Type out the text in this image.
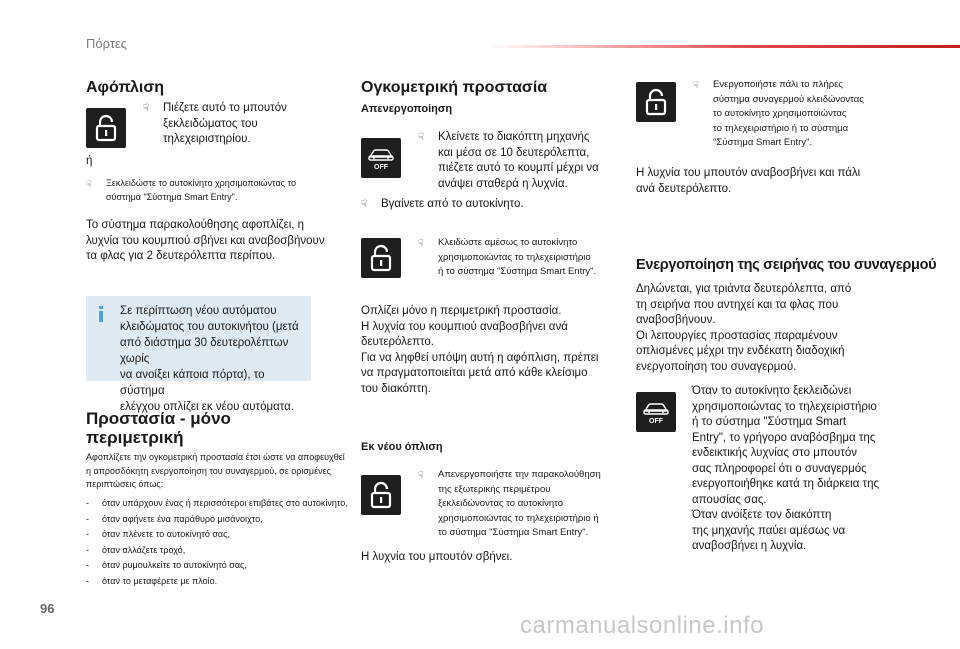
Πόρτες
Αφόπλιση
☟	Πιέζετε αυτό το μπουτόν
ξεκλειδώματος του
τηλεχειριστηρίου.
ή
☟	Ξεκλειδώστε το αυτοκίνητο χρησιμοποιώντας το
σύστημα "Σύστημα Smart Entry".
Το σύστημα παρακολούθησης αφοπλίζει, η
λυχνία του κουμπιού σβήνει και αναβοσβήνουν
τα φλας για 2 δευτερόλεπτα περίπου.
Σε περίπτωση νέου αυτόματου
κλειδώματος του αυτοκινήτου (μετά
από διάστημα 30 δευτερολέπτων χωρίς
να ανοίξει κάποια πόρτα), το σύστημα
ελέγχου οπλίζει εκ νέου αυτόματα.
Προστασία - μόνο
περιμετρική
Αφοπλίζετε την ογκομετρική προστασία έτσι ώστε να αποφευχθεί
η απροσδόκητη ενεργοποίηση του συναγερμού, σε ορισμένες
περιπτώσεις όπως:
-	όταν υπάρχουν ένας ή περισσότεροι επιβάτες στο αυτοκίνητο,
-	όταν αφήνετε ένα παράθυρο μισάνοιχτο,
-	όταν πλένετε το αυτοκίνητό σας,
-	όταν αλλάζετε τροχό,
-	όταν ρυμουλκείτε το αυτοκίνητό σας,
-	όταν το μεταφέρετε με πλοίο.
Ογκομετρική προστασία
Απενεργοποίηση
OFF
☟	Κλείνετε το διακόπτη μηχανής
και μέσα σε 10 δευτερόλεπτα,
πιέζετε αυτό το κουμπί μέχρι να
ανάψει σταθερά η λυχνία.
☟	Βγαίνετε από το αυτοκίνητο.
☟	Κλειδώστε αμέσως το αυτοκίνητο
χρησιμοποιώντας το τηλεχειριστήριο
ή το σύστημα "Σύστημα Smart Entry".
Οπλίζει μόνο η περιμετρική προστασία.
Η λυχνία του κουμπιού αναβοσβήνει ανά
δευτερόλεπτο.
Για να ληφθεί υπόψη αυτή η αφόπλιση, πρέπει
να πραγματοποιείται μετά από κάθε κλείσιμο
του διακόπτη.
Εκ νέου όπλιση
☟	Απενεργοποιήστε την παρακολούθηση
της εξωτερικής περιμέτρου
ξεκλειδώνοντας το αυτοκίνητο
χρησιμοποιώντας το τηλεχειριστήριο ή
το σύστημα "Σύστημα Smart Entry".
Η λυχνία του μπουτόν σβήνει.
☟	Ενεργοποιήστε πάλι το πλήρες
σύστημα συναγερμού κλειδώνοντας
το αυτοκίνητο χρησιμοποιώντας
το τηλεχειριστήριο ή το σύστημα
"Σύστημα Smart Entry".
Η λυχνία του μπουτόν αναβοσβήνει και πάλι
ανά δευτερόλεπτο.
Ενεργοποίηση της σειρήνας του συναγερμού
Δηλώνεται, για τριάντα δευτερόλεπτα, από
τη σειρήνα που αντηχεί και τα φλας που
αναβοσβήνουν.
Οι λειτουργίες προστασίας παραμένουν
οπλισμένες μέχρι την ενδέκατη διαδοχική
ενεργοποίηση του συναγερμού.
OFF
Όταν το αυτοκίνητο ξεκλειδώνει
χρησιμοποιώντας το τηλεχειριστήριο
ή το σύστημα "Σύστημα Smart
Entry", το γρήγορο αναβόσβημα της
ενδεικτικής λυχνίας στο μπουτόν
σας πληροφορεί ότι ο συναγερμός
ενεργοποιήθηκε κατά τη διάρκεια της
απουσίας σας.
Όταν ανοίξετε τον διακόπτη
της μηχανής παύει αμέσως να
αναβοσβήνει η λυχνία.
96
carmanualsonline.info
